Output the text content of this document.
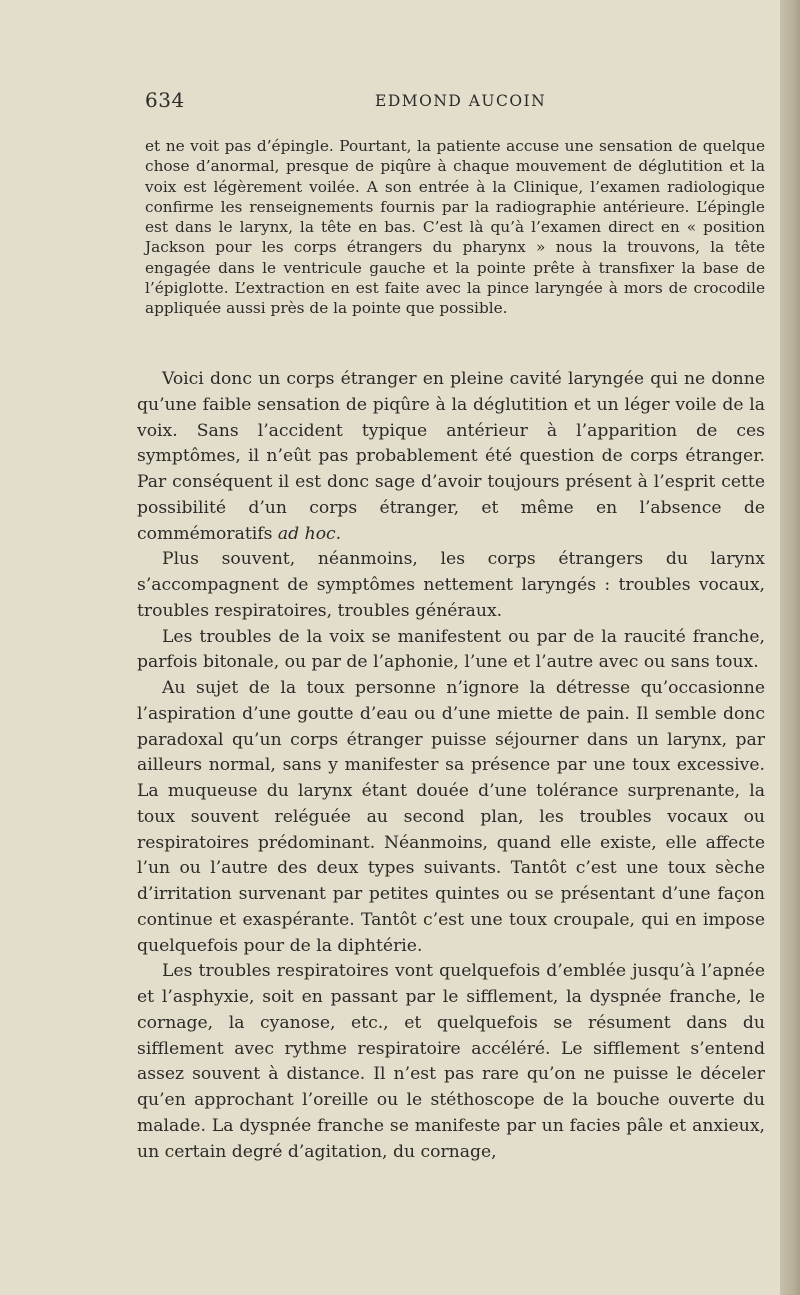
634	EDMOND AUCOIN

et ne voit pas d’épingle. Pourtant, la patiente accuse une sensation de quelque chose d’anormal, presque de piqûre à chaque mouvement de déglutition et la voix est légèrement voilée. A son entrée à la Clinique, l’examen radiologique confirme les renseignements fournis par la radiographie antérieure. L’épingle est dans le larynx, la tête en bas. C’est là qu’à l’examen direct en « position Jackson pour les corps étrangers du pharynx » nous la trouvons, la tête engagée dans le ventricule gauche et la pointe prête à transfixer la base de l’épiglotte. L’extraction en est faite avec la pince laryngée à mors de crocodile appliquée aussi près de la pointe que possible.

Voici donc un corps étranger en pleine cavité laryngée qui ne donne qu’une faible sensation de piqûre à la déglutition et un léger voile de la voix. Sans l’accident typique antérieur à l’apparition de ces symptômes, il n’eût pas probablement été question de corps étranger. Par conséquent il est donc sage d’avoir toujours présent à l’esprit cette possibilité d’un corps étranger, et même en l’absence de commémoratifs ad hoc.

Plus souvent, néanmoins, les corps étrangers du larynx s’accompagnent de symptômes nettement laryngés : troubles vocaux, troubles respiratoires, troubles généraux.

Les troubles de la voix se manifestent ou par de la raucité franche, parfois bitonale, ou par de l’aphonie, l’une et l’autre avec ou sans toux.

Au sujet de la toux personne n’ignore la détresse qu’occasionne l’aspiration d’une goutte d’eau ou d’une miette de pain. Il semble donc paradoxal qu’un corps étranger puisse séjourner dans un larynx, par ailleurs normal, sans y manifester sa présence par une toux excessive. La muqueuse du larynx étant douée d’une tolérance surprenante, la toux souvent reléguée au second plan, les troubles vocaux ou respiratoires prédominant. Néanmoins, quand elle existe, elle affecte l’un ou l’autre des deux types suivants. Tantôt c’est une toux sèche d’irritation survenant par petites quintes ou se présentant d’une façon continue et exaspérante. Tantôt c’est une toux croupale, qui en impose quelquefois pour de la diphtérie.

Les troubles respiratoires vont quelquefois d’emblée jusqu’à l’apnée et l’asphyxie, soit en passant par le sifflement, la dyspnée franche, le cornage, la cyanose, etc., et quelquefois se résument dans du sifflement avec rythme respiratoire accéléré. Le sifflement s’entend assez souvent à distance. Il n’est pas rare qu’on ne puisse le déceler qu’en approchant l’oreille ou le stéthoscope de la bouche ouverte du malade. La dyspnée franche se manifeste par un facies pâle et anxieux, un certain degré d’agitation, du cornage,
